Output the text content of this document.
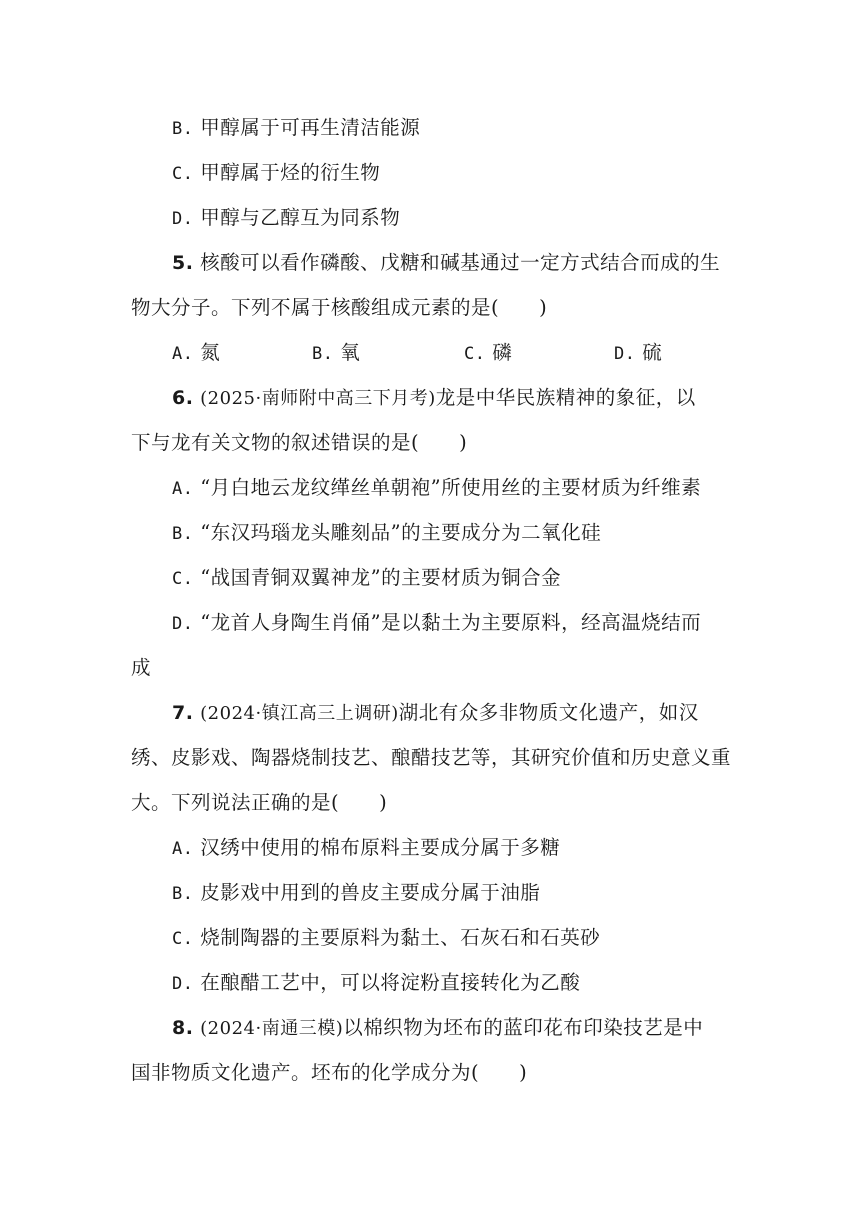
B. 甲醇属于可再生清洁能源
C. 甲醇属于烃的衍生物
D. 甲醇与乙醇互为同系物
5. 核酸可以看作磷酸、戊糖和碱基通过一定方式结合而成的生
物大分子。下列不属于核酸组成元素的是(　　)
A. 氮	B. 氧	C. 磷	D. 硫
6. (2025·南师附中高三下月考)龙是中华民族精神的象征，以
下与龙有关文物的叙述错误的是(　　)
A. “月白地云龙纹缂丝单朝袍”所使用丝的主要材质为纤维素
B. “东汉玛瑙龙头雕刻品”的主要成分为二氧化硅
C. “战国青铜双翼神龙”的主要材质为铜合金
D. “龙首人身陶生肖俑”是以黏土为主要原料，经高温烧结而
成
7. (2024·镇江高三上调研)湖北有众多非物质文化遗产，如汉
绣、皮影戏、陶器烧制技艺、酿醋技艺等，其研究价值和历史意义重
大。下列说法正确的是(　　)
A. 汉绣中使用的棉布原料主要成分属于多糖
B. 皮影戏中用到的兽皮主要成分属于油脂
C. 烧制陶器的主要原料为黏土、石灰石和石英砂
D. 在酿醋工艺中，可以将淀粉直接转化为乙酸
8. (2024·南通三模)以棉织物为坯布的蓝印花布印染技艺是中
国非物质文化遗产。坯布的化学成分为(　　)
